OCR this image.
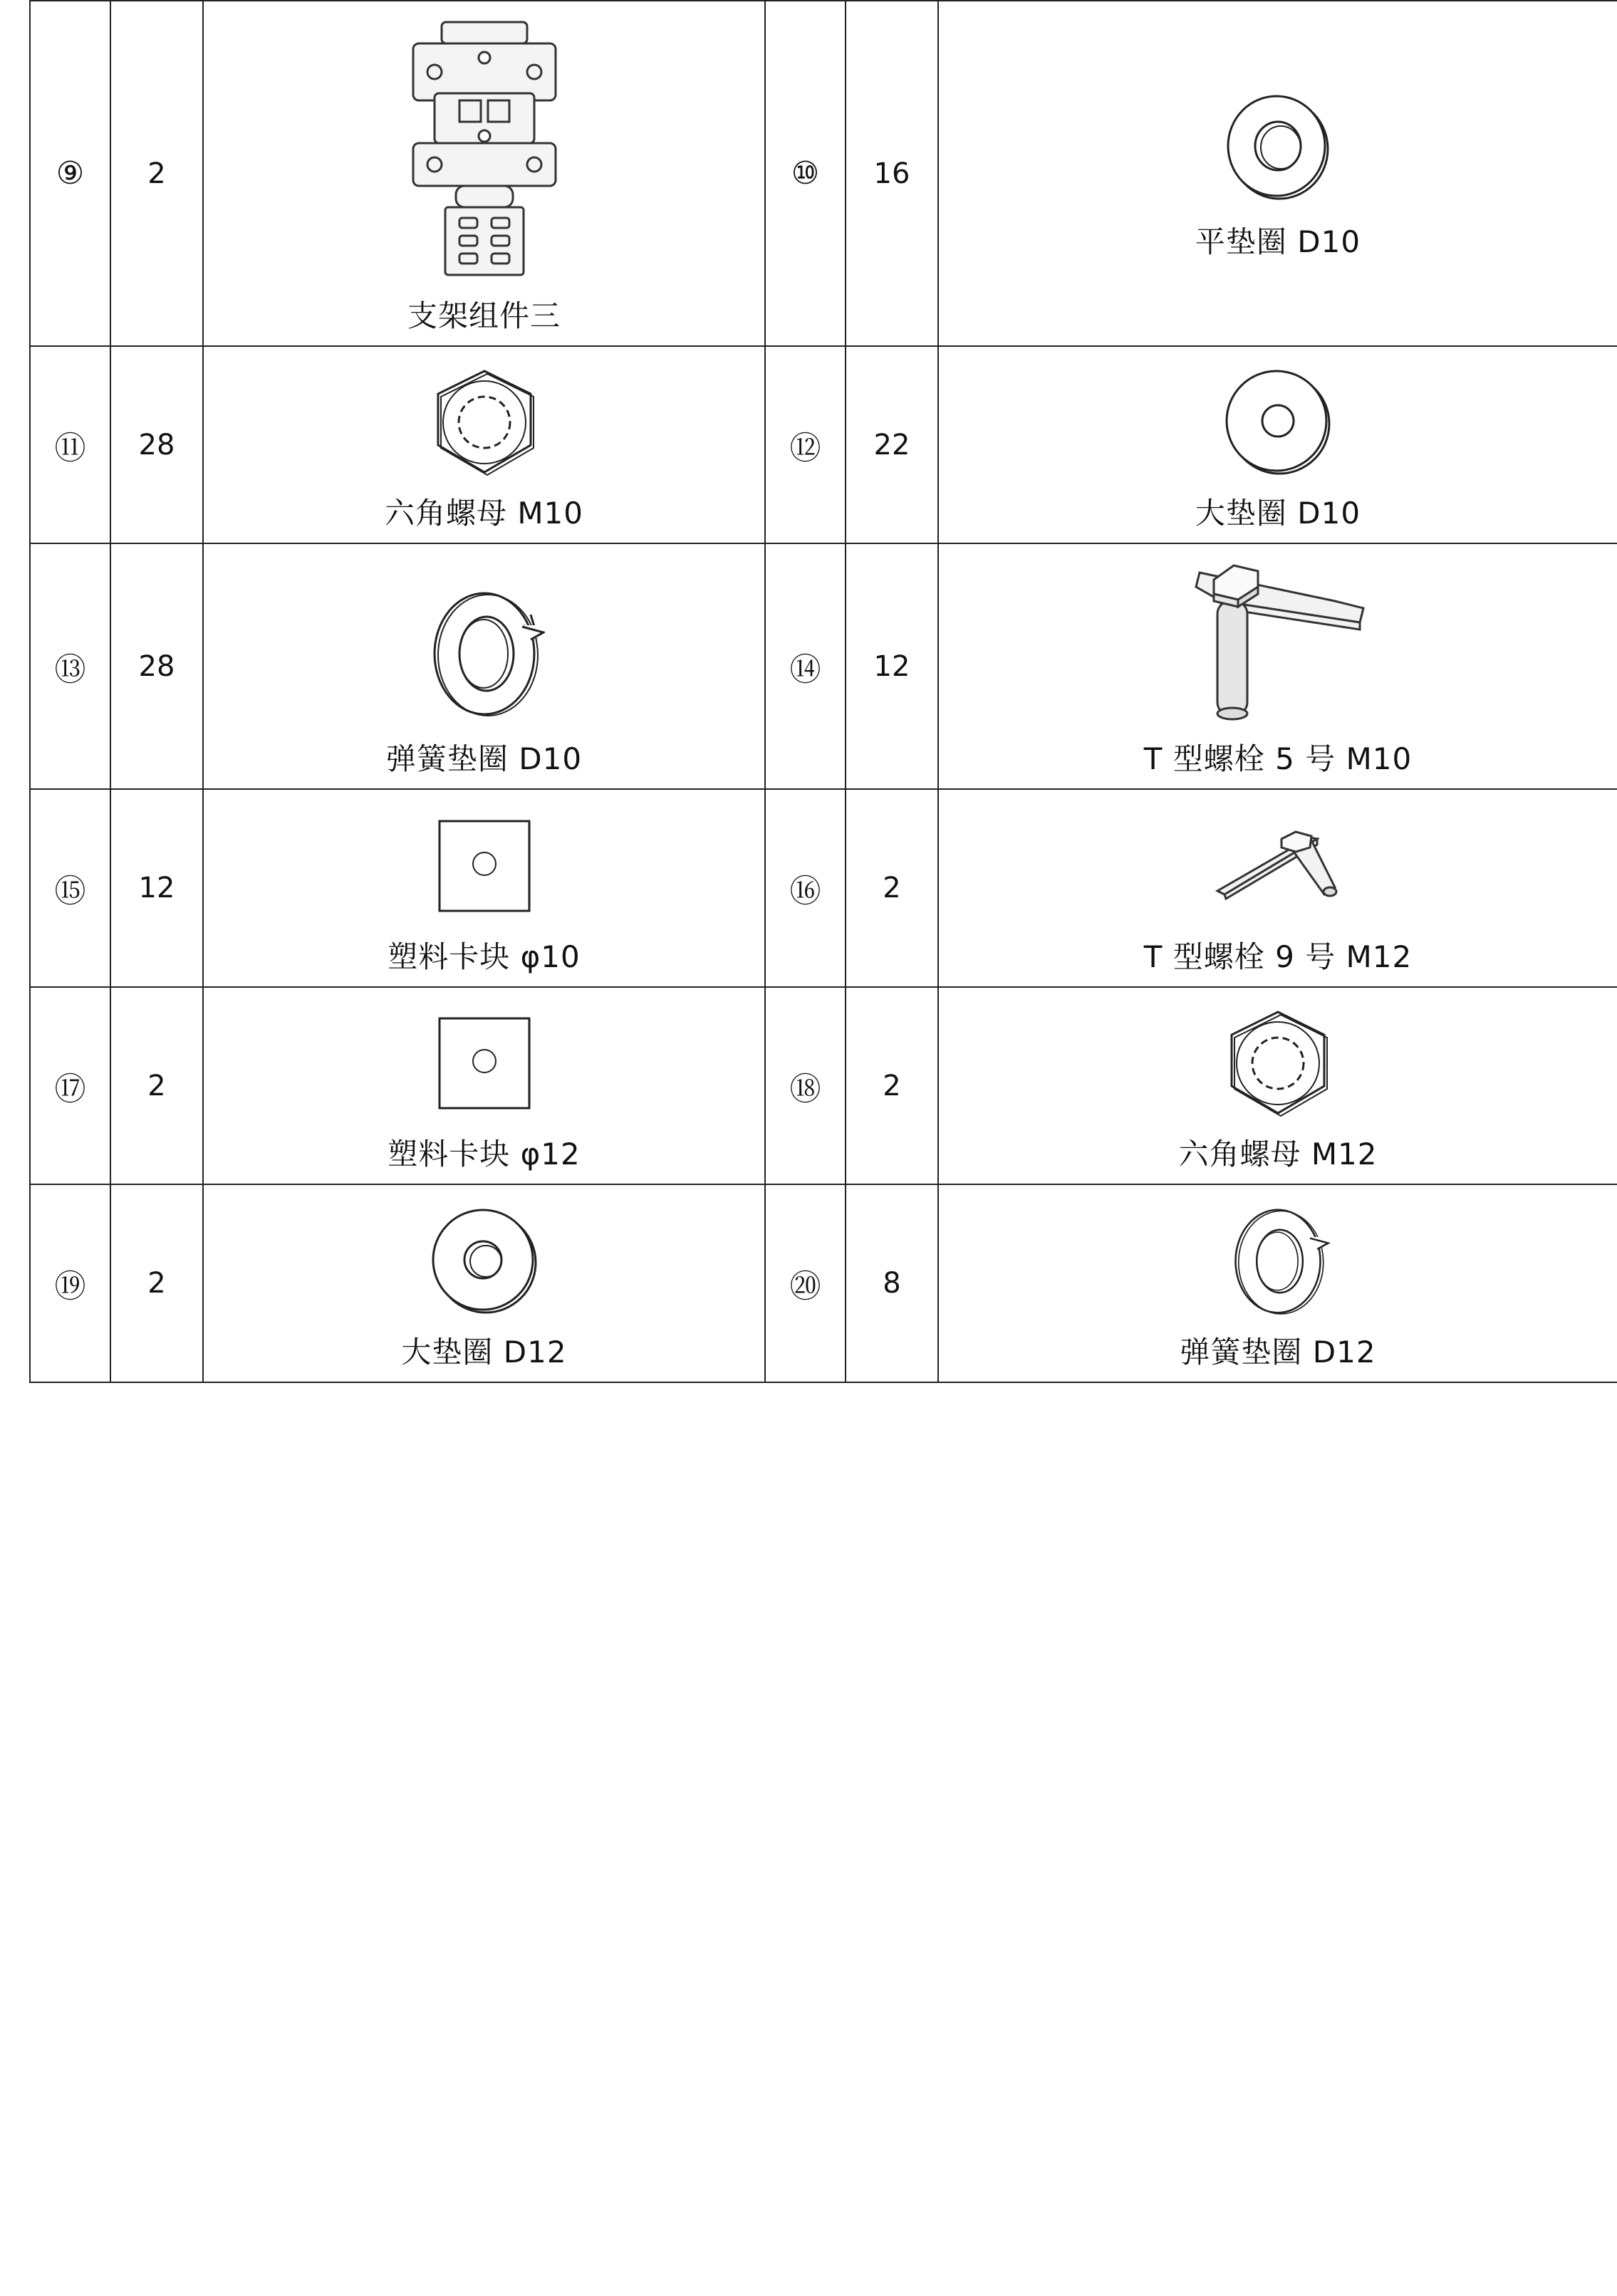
⑨	2	支架组件三	⑩	16	平垫圈 D10

⑪	28	六角螺母 M10	⑫	22	大垫圈 D10

⑬	28	弹簧垫圈 D10	⑭	12	T 型螺栓 5 号 M10

⑮	12	塑料卡块 φ10	⑯	2	T 型螺栓 9 号 M12

⑰	2	塑料卡块 φ12	⑱	2	六角螺母 M12

⑲	2	大垫圈 D12	⑳	8	弹簧垫圈 D12
